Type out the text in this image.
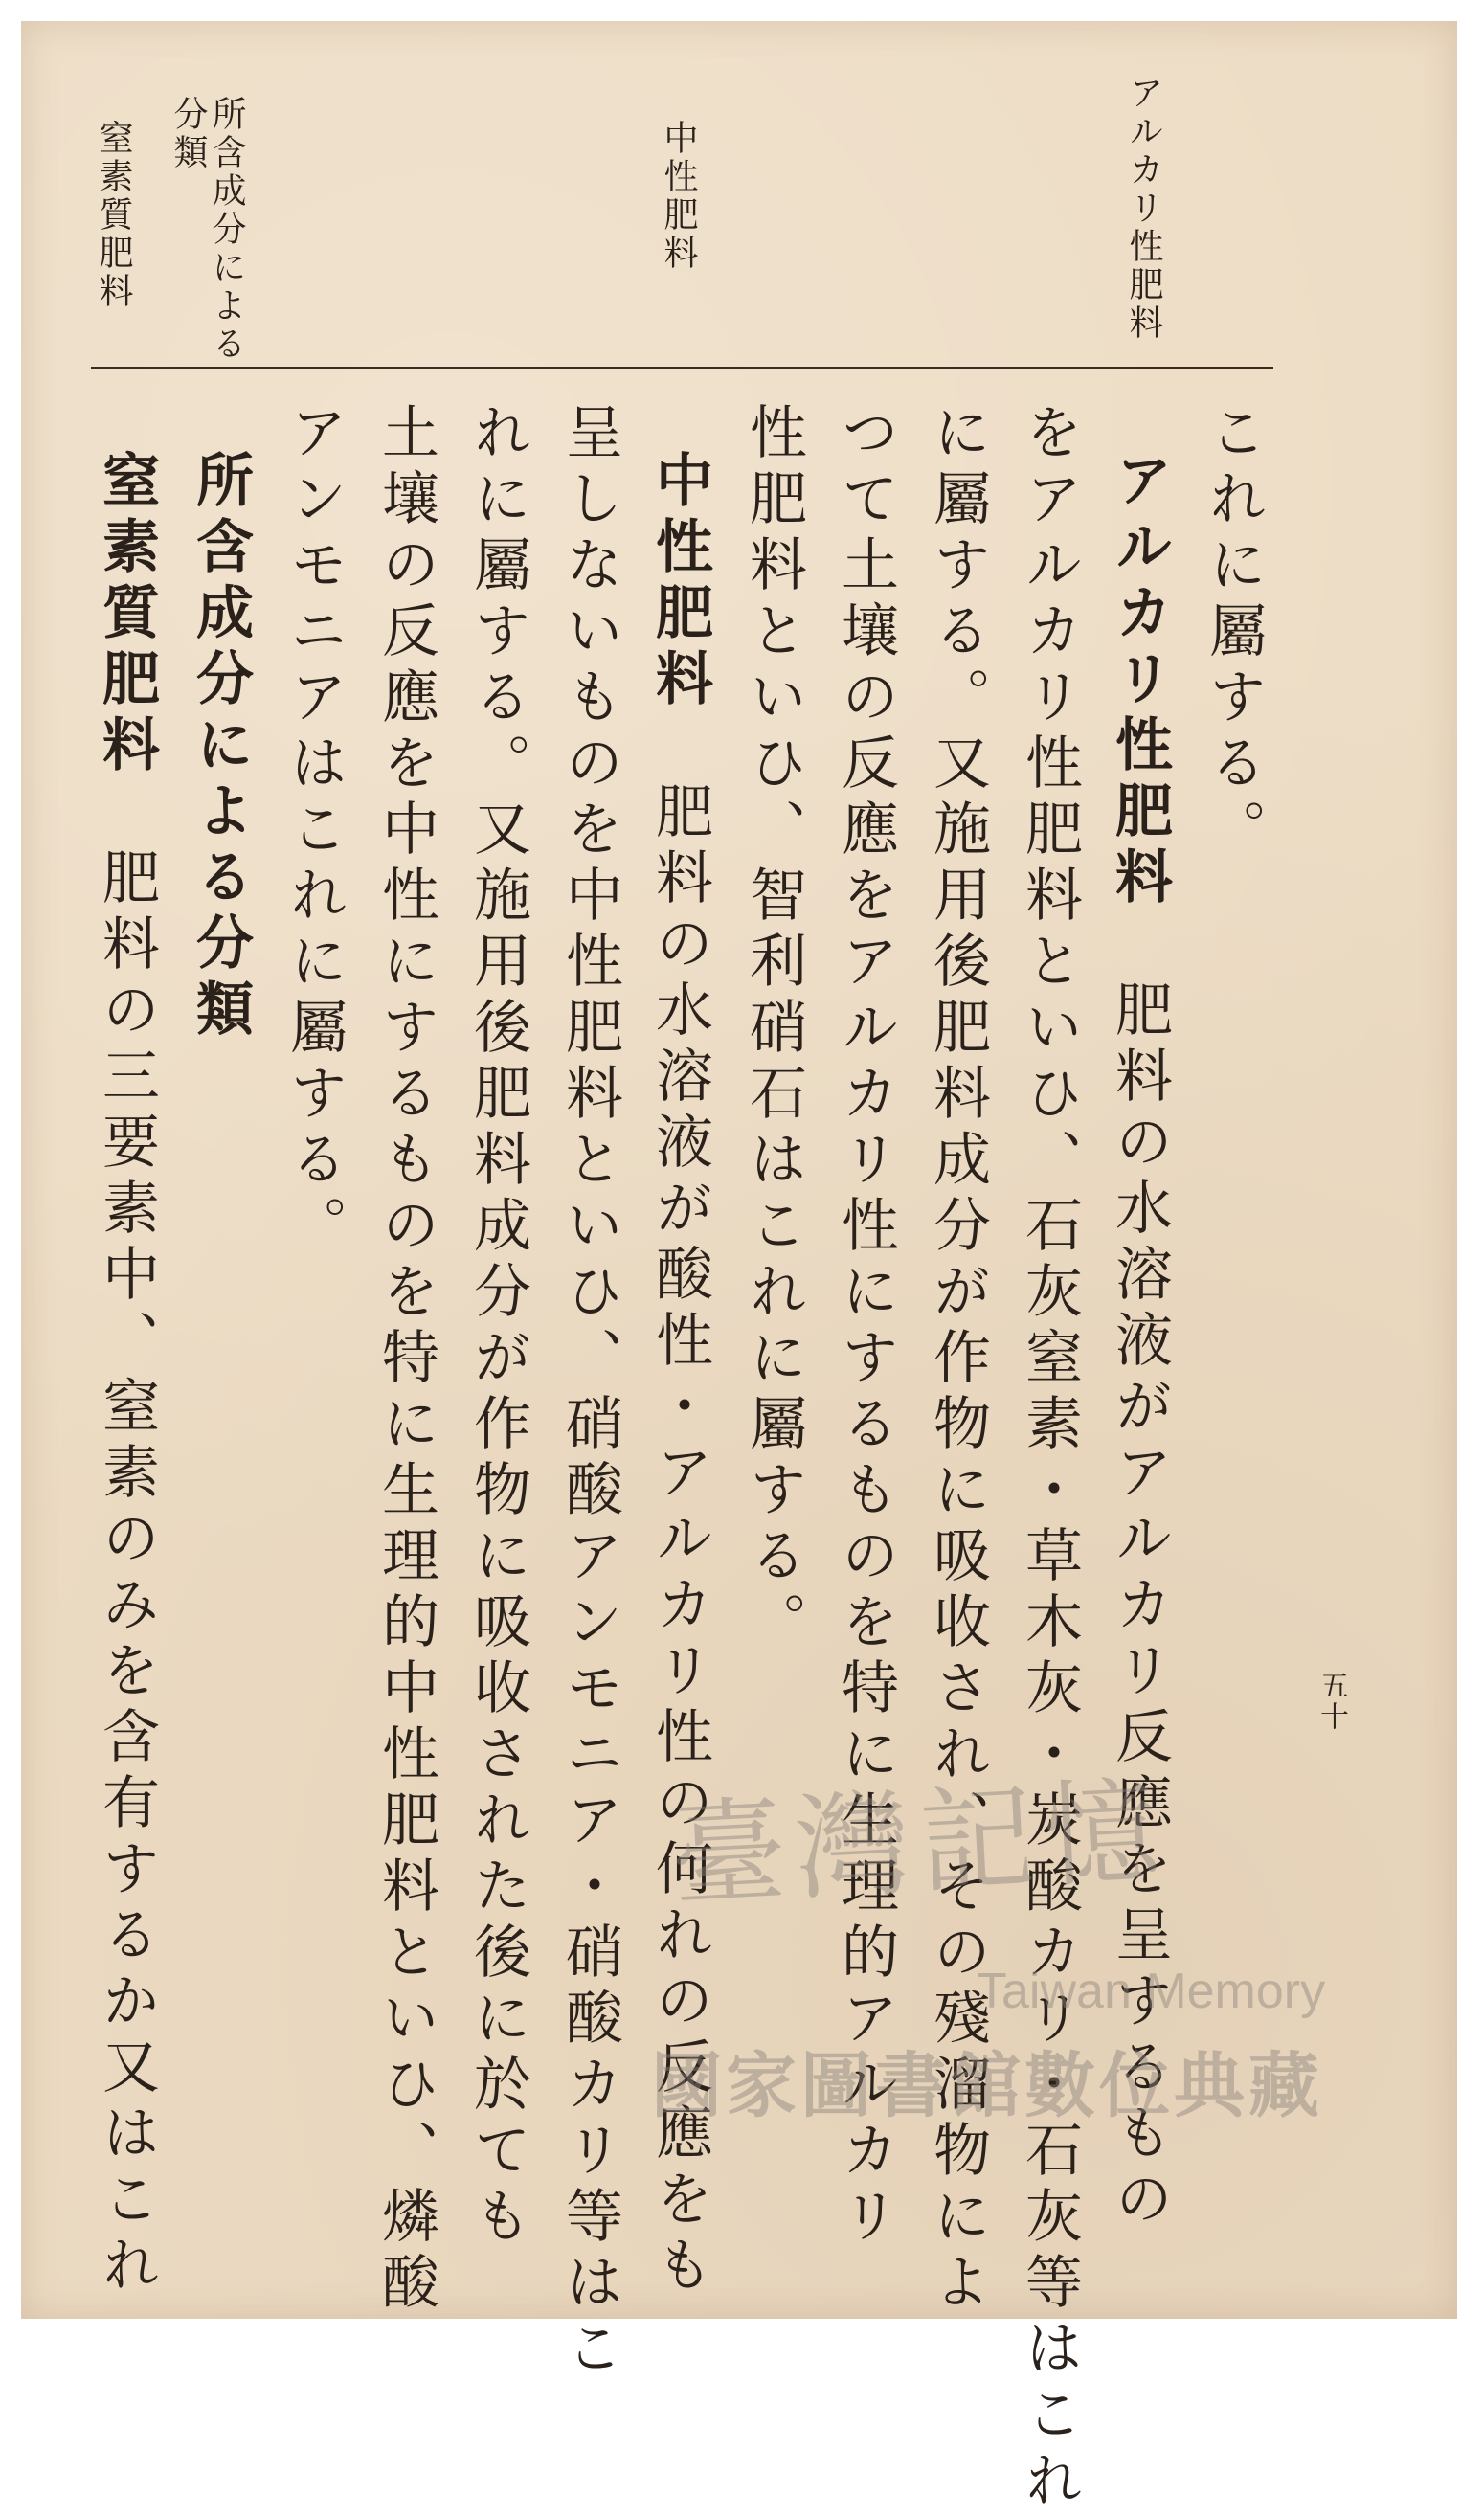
アルカリ性肥料
中性肥料
所含成分による
分類
窒素質肥料
五十
これに屬する。
アルカリ性肥料肥料の水溶液がアルカリ反應を呈するもの
をアルカリ性肥料といひ、石灰窒素・草木灰・炭酸カリ・石灰等はこれ
に屬する。又施用後肥料成分が作物に吸收され、その殘溜物によ
つて土壤の反應をアルカリ性にするものを特に生理的アルカリ
性肥料といひ、智利硝石はこれに屬する。
中性肥料肥料の水溶液が酸性・アルカリ性の何れの反應をも
呈しないものを中性肥料といひ、硝酸アンモニア・硝酸カリ等はこ
れに屬する。又施用後肥料成分が作物に吸收された後に於ても
土壤の反應を中性にするものを特に生理的中性肥料といひ、燐酸
アンモニアはこれに屬する。
所含成分による分類
窒素質肥料肥料の三要素中、窒素のみを含有するか又はこれ	臺灣記憶
Taiwan Memory
國家圖書館數位典藏
